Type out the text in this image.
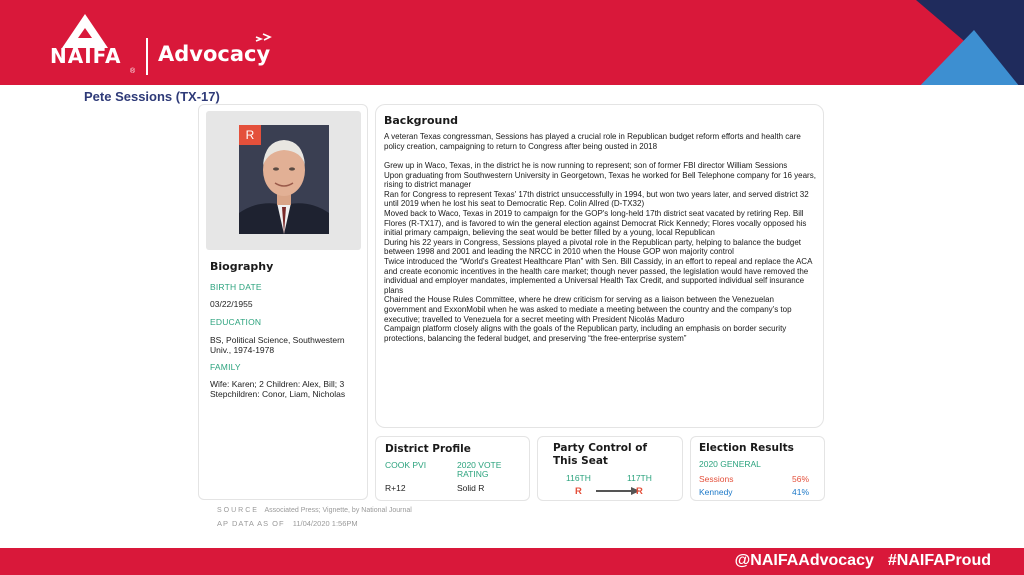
NAIFA
®
Advocacy
Pete Sessions (TX-17)
R
Biography
BIRTH DATE
03/22/1955
EDUCATION
BS, Political Science, Southwestern Univ., 1974-1978
FAMILY
Wife: Karen; 2 Children: Alex, Bill; 3 Stepchildren: Conor, Liam, Nicholas
Background

A veteran Texas congressman, Sessions has played a crucial role in Republican budget reform efforts and health care policy creation, campaigning to return to Congress after being ousted in 2018

Grew up in Waco, Texas, in the district he is now running to represent; son of former FBI director William Sessions
Upon graduating from Southwestern University in Georgetown, Texas he worked for Bell Telephone company for 16 years, rising to district manager
Ran for Congress to represent Texas' 17th district unsuccessfully in 1994, but won two years later, and served district 32 until 2019 when he lost his seat to Democratic Rep. Colin Allred (D-TX32)
Moved back to Waco, Texas in 2019 to campaign for the GOP's long-held 17th district seat vacated by retiring Rep. Bill Flores (R-TX17), and is favored to win the general election against Democrat Rick Kennedy; Flores vocally opposed his initial primary campaign, believing the seat would be better filled by a young, local Republican
During his 22 years in Congress, Sessions played a pivotal role in the Republican party, helping to balance the budget between 1998 and 2001 and leading the NRCC in 2010 when the House GOP won majority control
Twice introduced the “World's Greatest Healthcare Plan” with Sen. Bill Cassidy, in an effort to repeal and replace the ACA and create economic incentives in the health care market; though never passed, the legislation would have removed the individual and employer mandates, implemented a Universal Health Tax Credit, and supported individual self insurance plans
Chaired the House Rules Committee, where he drew criticism for serving as a liaison between the Venezuelan government and ExxonMobil when he was asked to mediate a meeting between the country and the company's top executive; travelled to Venezuela for a secret meeting with President Nicolás Maduro
Campaign platform closely aligns with the goals of the Republican party, including an emphasis on border security protections, balancing the federal budget, and preserving “the free-enterprise system”
District Profile
COOK PVI	2020 VOTE RATING
R+12	Solid R
Party Control of This Seat
116TH	117TH
R	R
Election Results
2020 GENERAL
Sessions	56%
Kennedy	41%
SOURCE Associated Press; Vignette, by National Journal
AP DATA AS OF 11/04/2020 1:56PM
@NAIFAAdvocacy #NAIFAProud
